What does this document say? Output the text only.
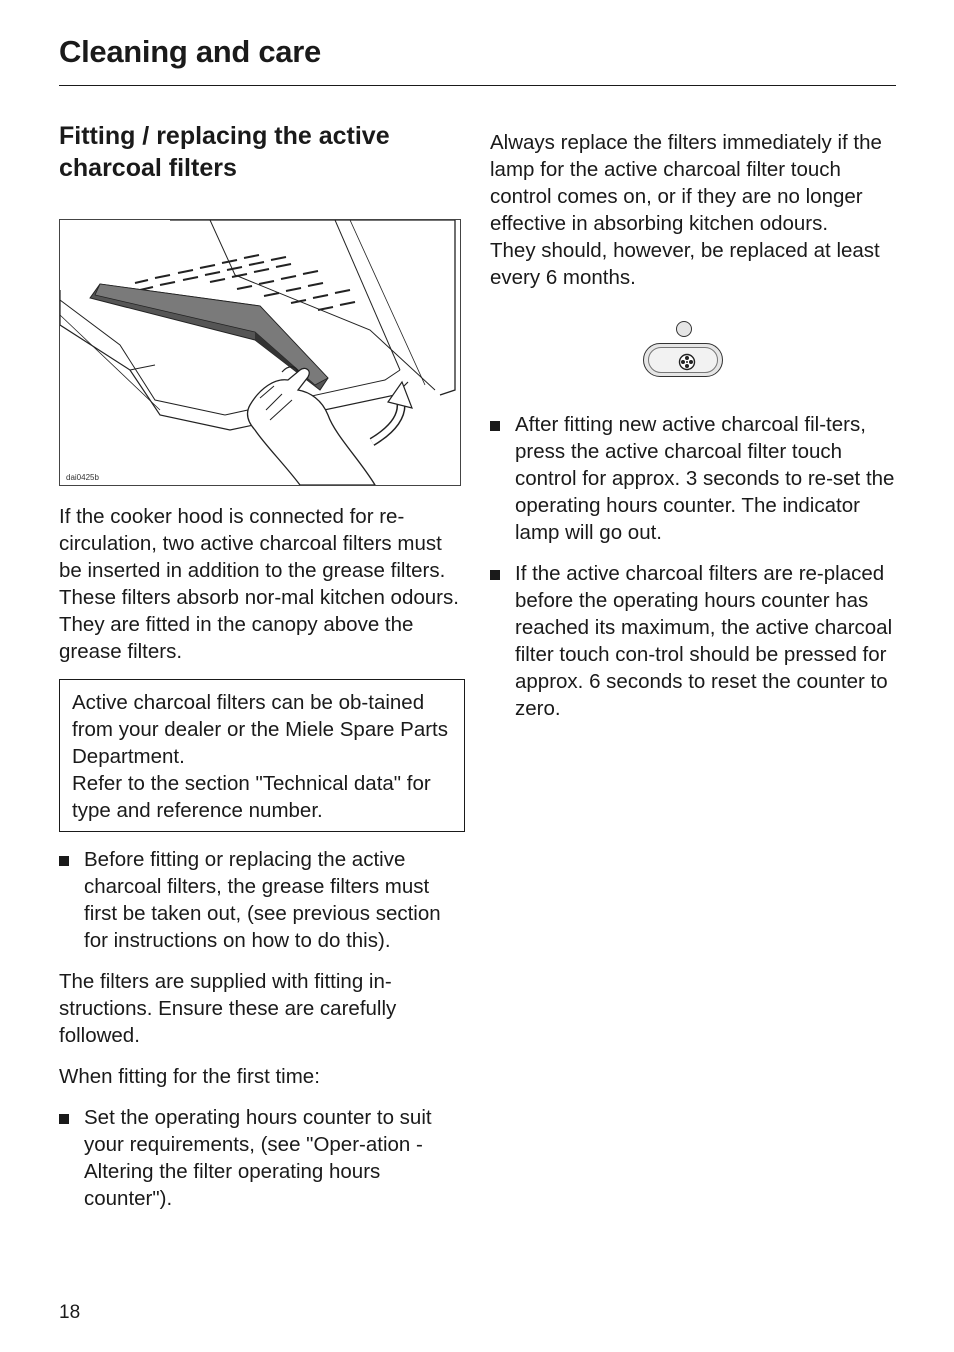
Cleaning and care
Fitting / replacing the active charcoal filters
dai0425b

If the cooker hood is connected for re-circulation, two active charcoal filters must be inserted in addition to the grease filters. These filters absorb nor-mal kitchen odours.

They are fitted in the canopy above the grease filters.

Active charcoal filters can be ob-tained from your dealer or the Miele Spare Parts Department.

Refer to the section "Technical data" for type and reference number.

Before fitting or replacing the active charcoal filters, the grease filters must first be taken out, (see previous section for instructions on how to do this).

The filters are supplied with fitting in-structions. Ensure these are carefully followed.

When fitting for the first time:

Set the operating hours counter to suit your requirements, (see "Oper-ation - Altering the filter operating hours counter").

Always replace the filters immediately if the lamp for the active charcoal filter touch control comes on, or if they are no longer effective in absorbing kitchen odours.

They should, however, be replaced at least every 6 months.

After fitting new active charcoal fil-ters, press the active charcoal filter touch control for approx. 3 seconds to re-set the operating hours counter. The indicator lamp will go out.
If the active charcoal filters are re-placed before the operating hours counter has reached its maximum, the active charcoal filter touch con-trol should be pressed for approx. 6 seconds to reset the counter to zero.
18
